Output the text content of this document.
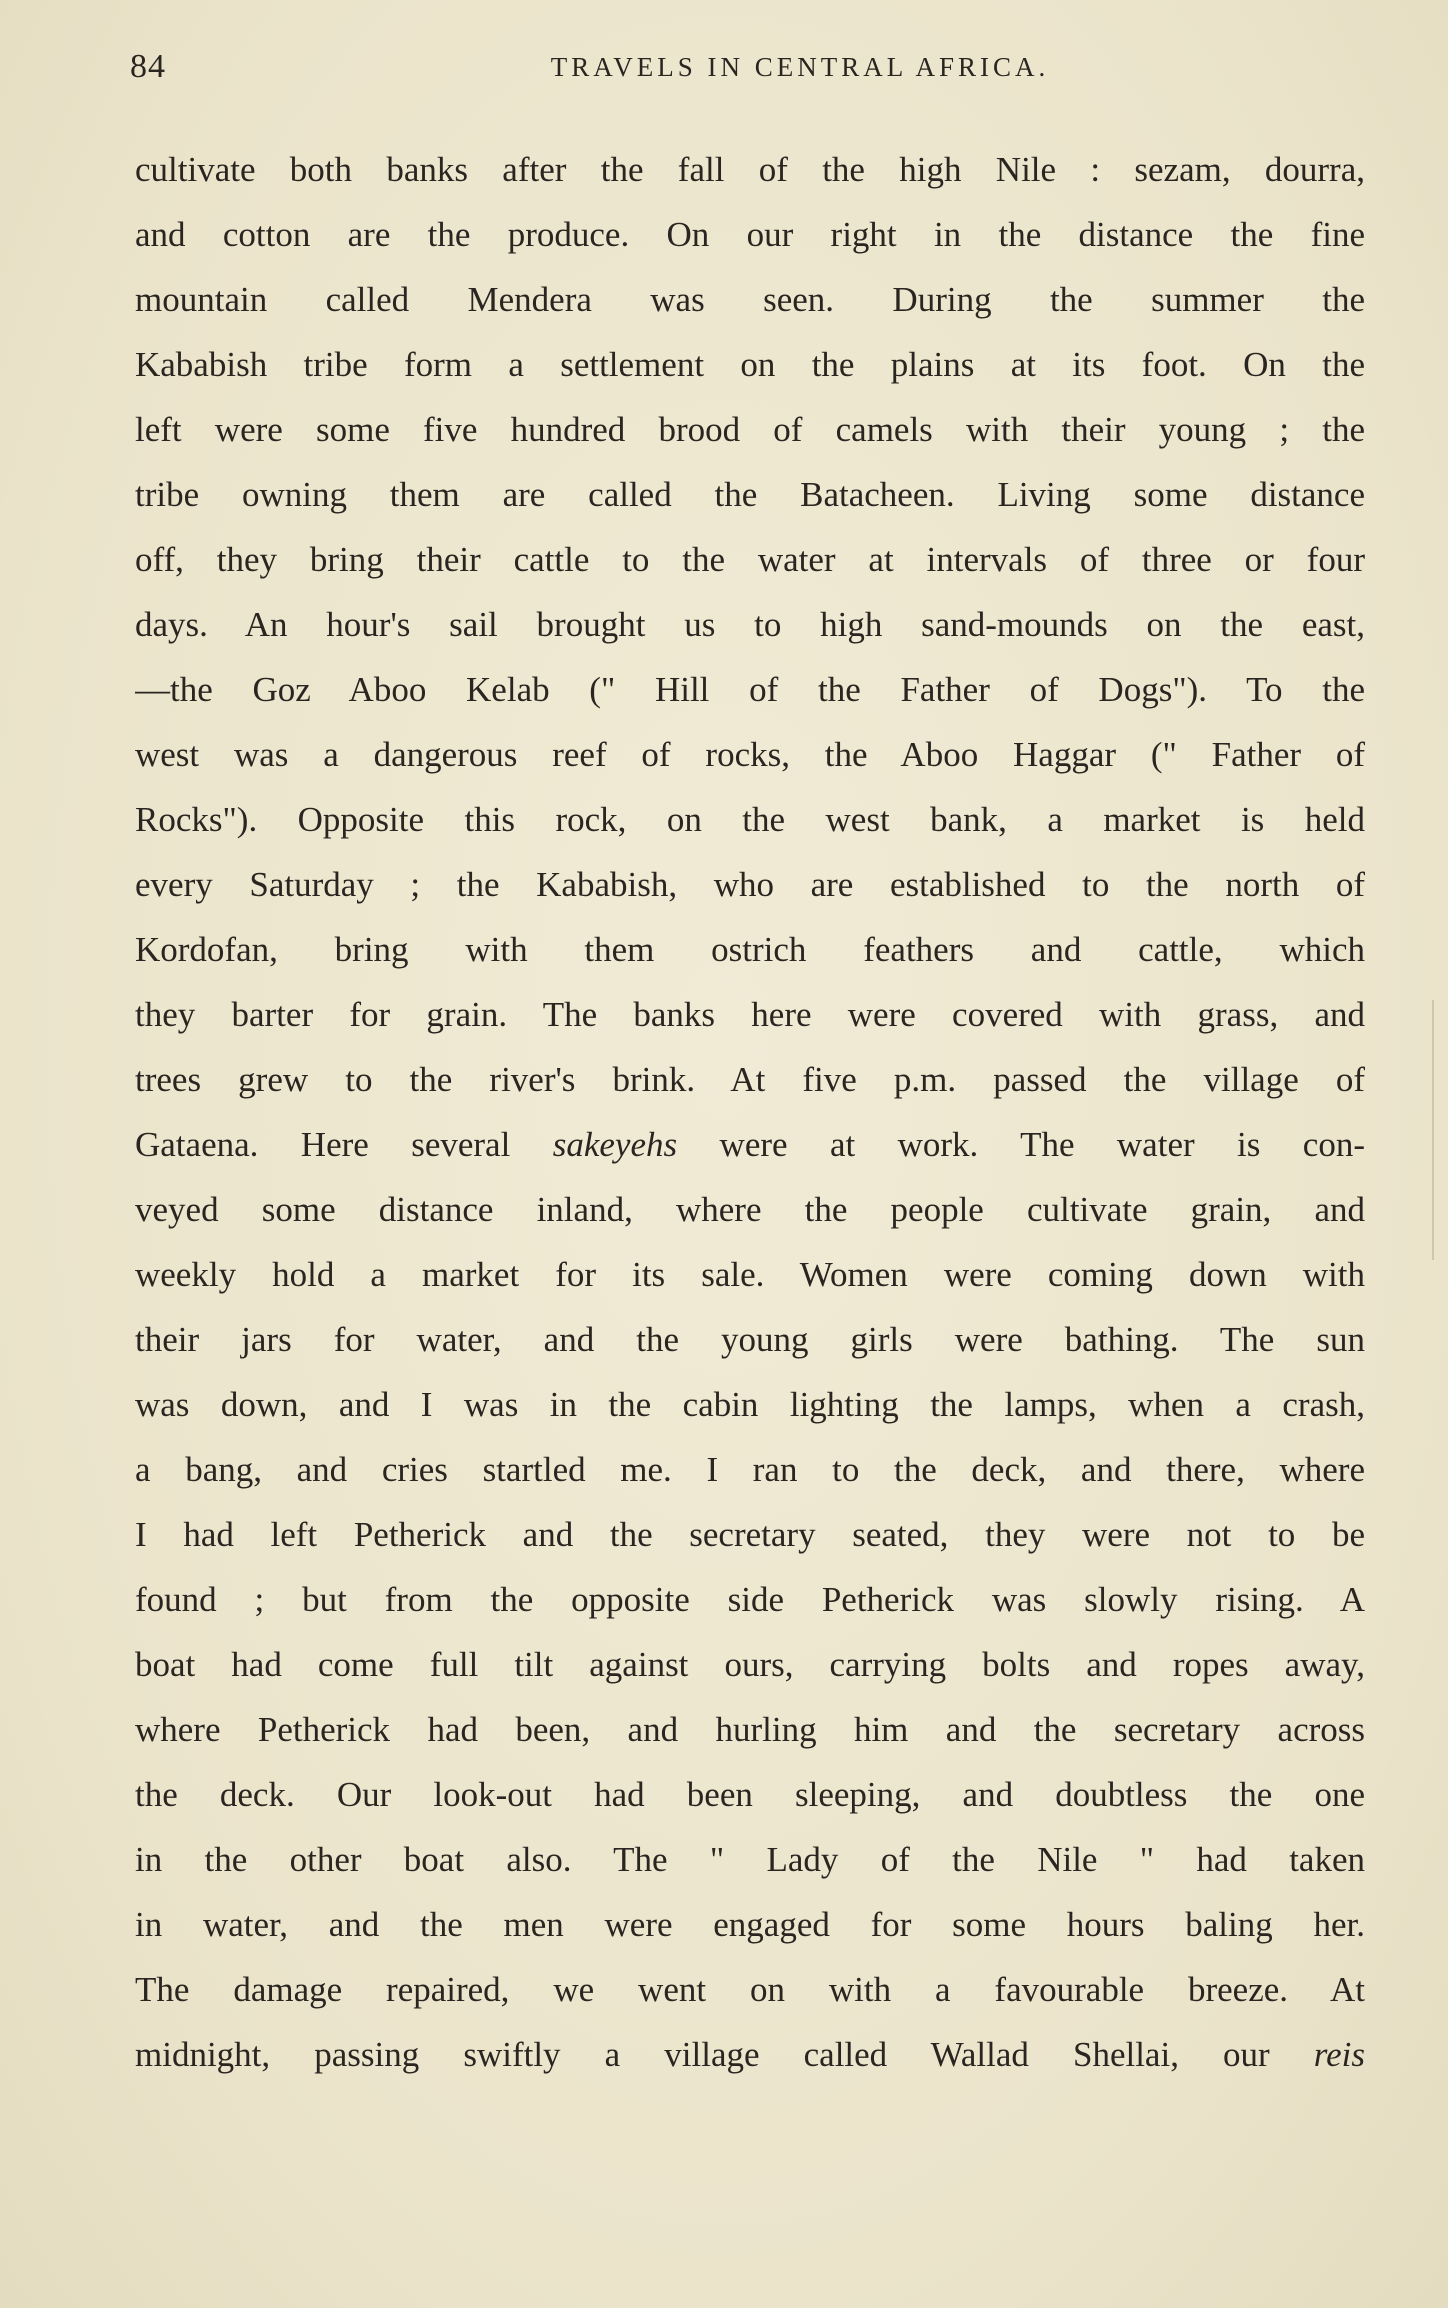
84	TRAVELS IN CENTRAL AFRICA.
cultivate both banks after the fall of the high Nile : sezam, dourra,
and cotton are the produce. On our right in the distance the fine
mountain called Mendera was seen. During the summer the
Kababish tribe form a settlement on the plains at its foot. On the
left were some five hundred brood of camels with their young ; the
tribe owning them are called the Batacheen. Living some distance
off, they bring their cattle to the water at intervals of three or four
days. An hour's sail brought us to high sand-mounds on the east,
—the Goz Aboo Kelab (" Hill of the Father of Dogs"). To the
west was a dangerous reef of rocks, the Aboo Haggar (" Father of
Rocks"). Opposite this rock, on the west bank, a market is held
every Saturday ; the Kababish, who are established to the north of
Kordofan, bring with them ostrich feathers and cattle, which
they barter for grain. The banks here were covered with grass, and
trees grew to the river's brink. At five p.m. passed the village of
Gataena. Here several sakeyehs were at work. The water is con-
veyed some distance inland, where the people cultivate grain, and
weekly hold a market for its sale. Women were coming down with
their jars for water, and the young girls were bathing. The sun
was down, and I was in the cabin lighting the lamps, when a crash,
a bang, and cries startled me. I ran to the deck, and there, where
I had left Petherick and the secretary seated, they were not to be
found ; but from the opposite side Petherick was slowly rising. A
boat had come full tilt against ours, carrying bolts and ropes away,
where Petherick had been, and hurling him and the secretary across
the deck. Our look-out had been sleeping, and doubtless the one
in the other boat also. The " Lady of the Nile " had taken
in water, and the men were engaged for some hours baling her.
The damage repaired, we went on with a favourable breeze. At
midnight, passing swiftly a village called Wallad Shellai, our reis
